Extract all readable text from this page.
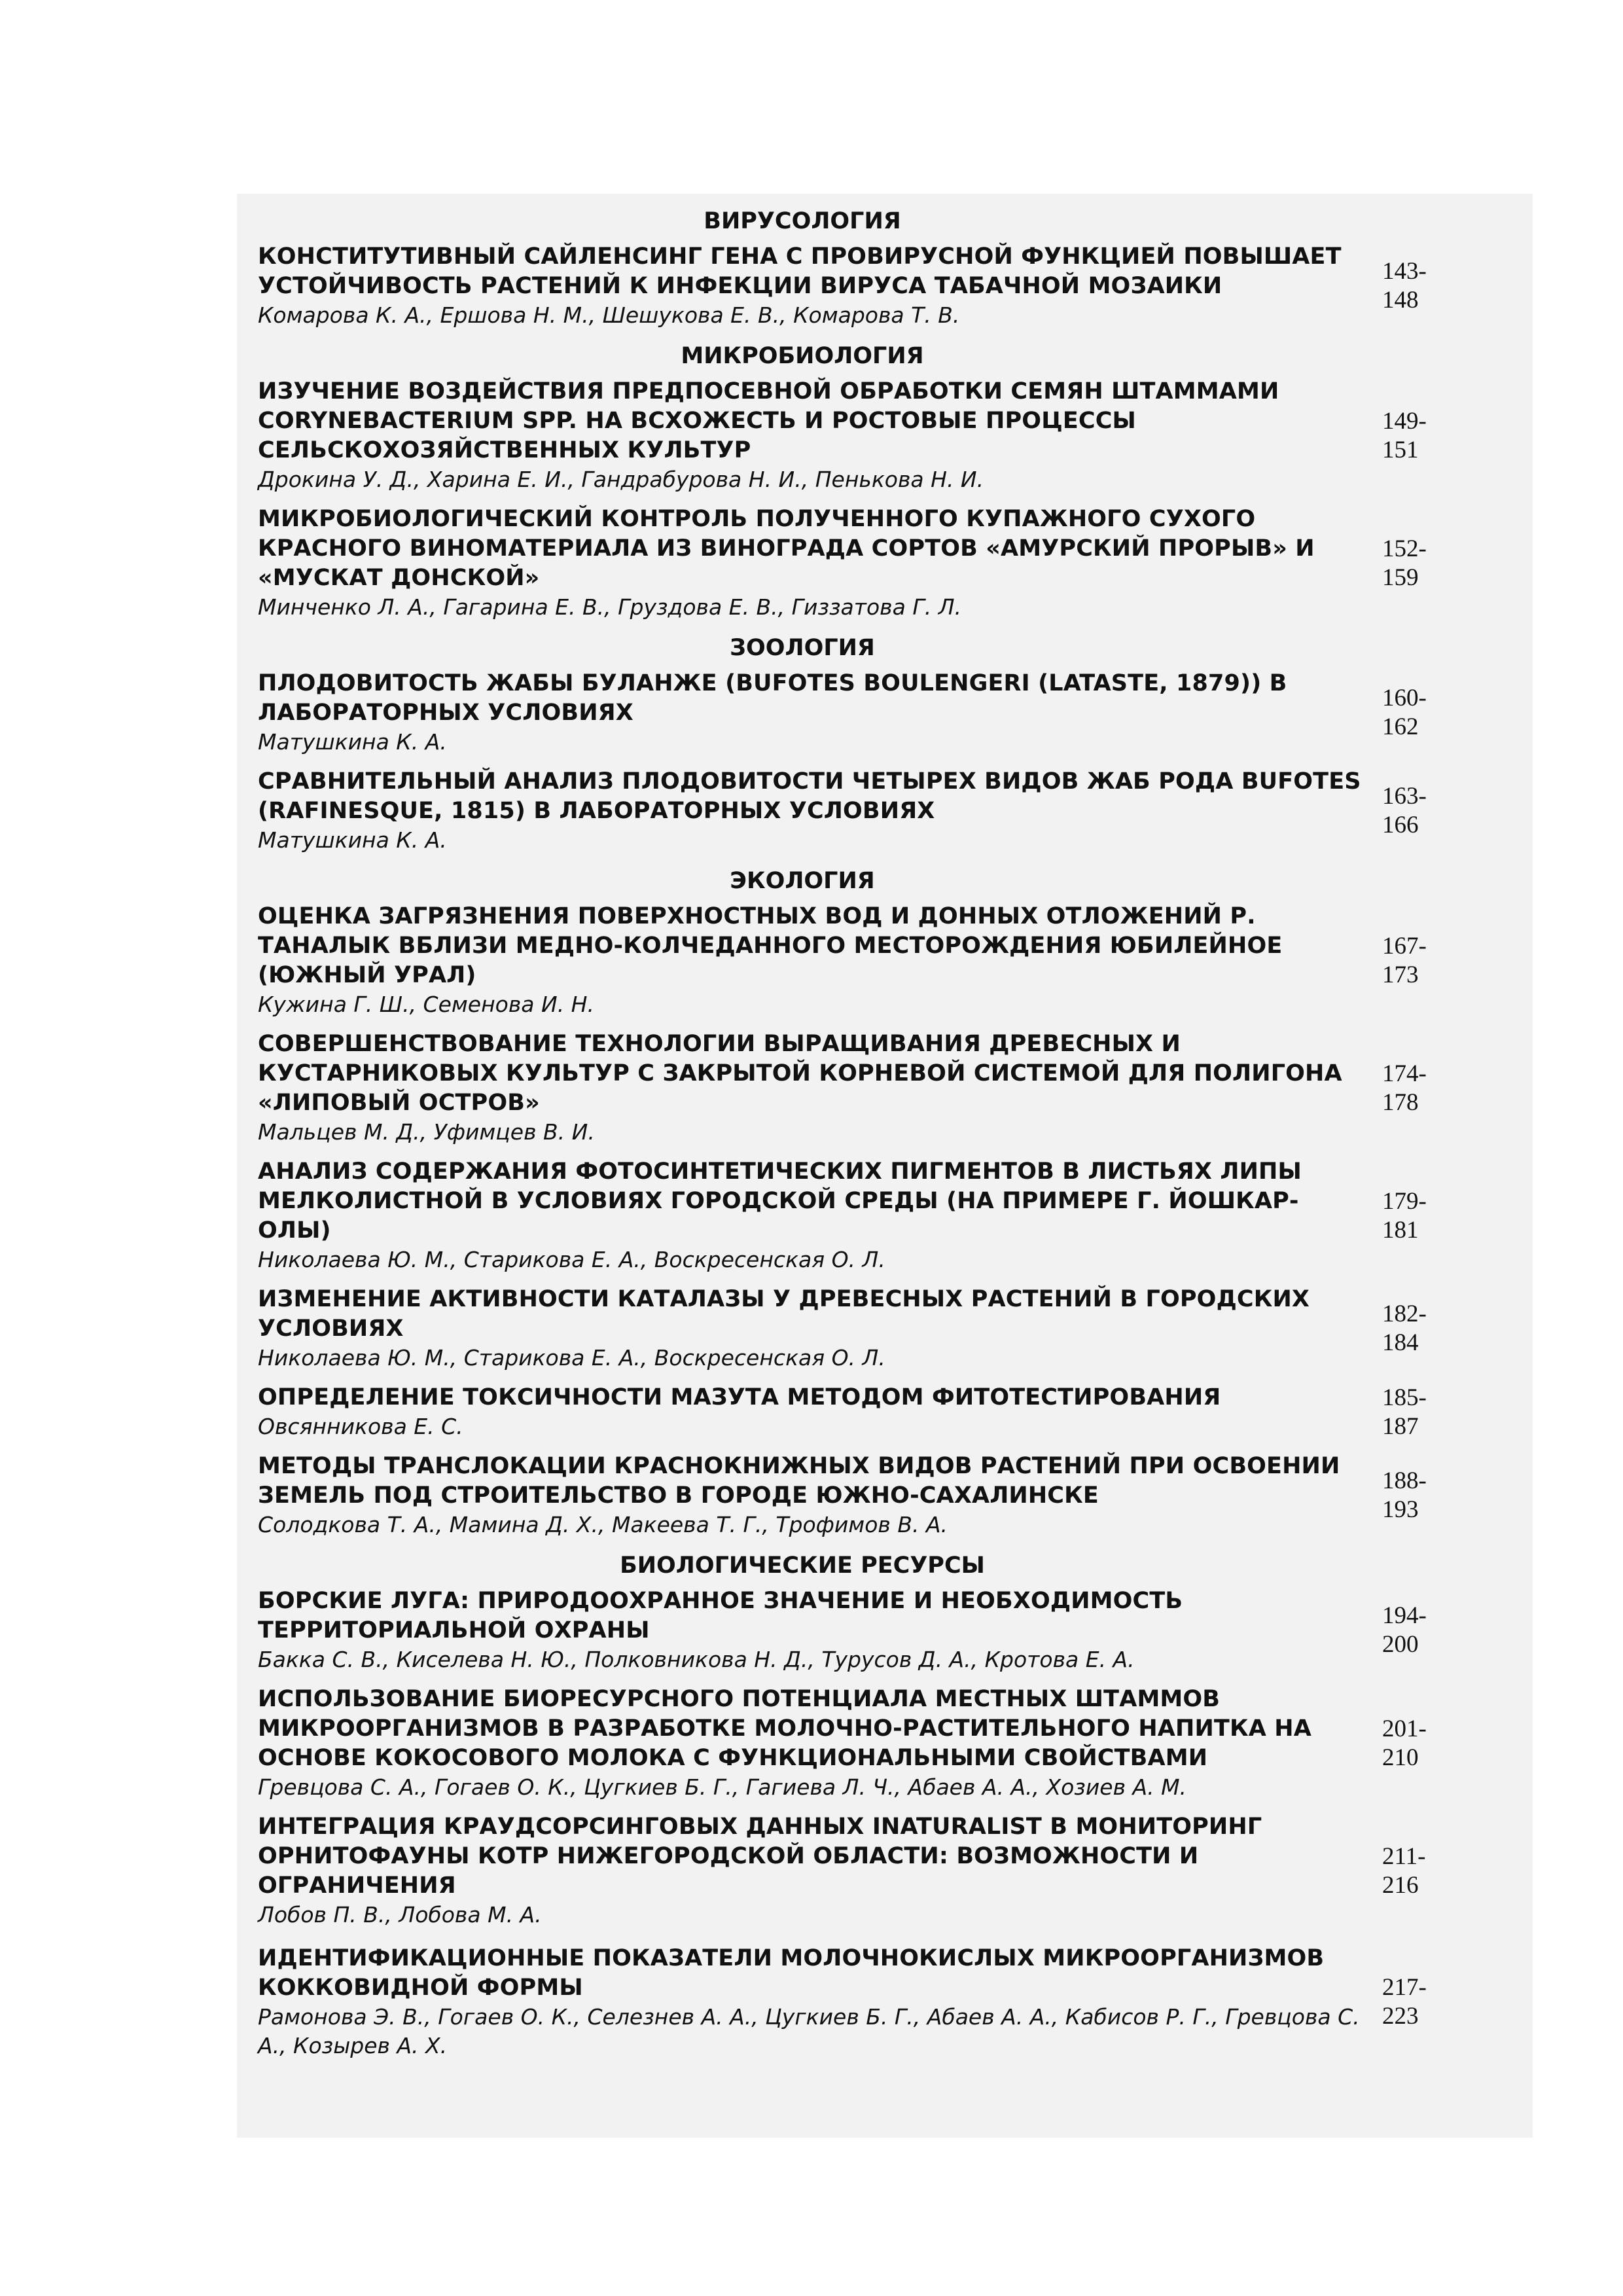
ВИРУСОЛОГИЯ
КОНСТИТУТИВНЫЙ САЙЛЕНСИНГ ГЕНА С ПРОВИРУСНОЙ ФУНКЦИЕЙ ПОВЫШАЕТ УСТОЙЧИВОСТЬ РАСТЕНИЙ К ИНФЕКЦИИ ВИРУСА ТАБАЧНОЙ МОЗАИКИ
Комарова К. А., Ершова Н. М., Шешукова Е. В., Комарова Т. В.
143-148
МИКРОБИОЛОГИЯ
ИЗУЧЕНИЕ ВОЗДЕЙСТВИЯ ПРЕДПОСЕВНОЙ ОБРАБОТКИ СЕМЯН ШТАММАМИ CORYNEBACTERIUM SPP. НА ВСХОЖЕСТЬ И РОСТОВЫЕ ПРОЦЕССЫ СЕЛЬСКОХОЗЯЙСТВЕННЫХ КУЛЬТУР
Дрокина У. Д., Харина Е. И., Гандрабурова Н. И., Пенькова Н. И.
149-151
МИКРОБИОЛОГИЧЕСКИЙ КОНТРОЛЬ ПОЛУЧЕННОГО КУПАЖНОГО СУХОГО КРАСНОГО ВИНОМАТЕРИАЛА ИЗ ВИНОГРАДА СОРТОВ «АМУРСКИЙ ПРОРЫВ» И «МУСКАТ ДОНСКОЙ»
Минченко Л. А., Гагарина Е. В., Груздова Е. В., Гиззатова Г. Л.
152-159
ЗООЛОГИЯ
ПЛОДОВИТОСТЬ ЖАБЫ БУЛАНЖЕ (BUFOTES BOULENGERI (LATASTE, 1879)) В ЛАБОРАТОРНЫХ УСЛОВИЯХ
Матушкина К. А.
160-162
СРАВНИТЕЛЬНЫЙ АНАЛИЗ ПЛОДОВИТОСТИ ЧЕТЫРЕХ ВИДОВ ЖАБ РОДА BUFOTES (RAFINESQUE, 1815) В ЛАБОРАТОРНЫХ УСЛОВИЯХ
Матушкина К. А.
163-166
ЭКОЛОГИЯ
ОЦЕНКА ЗАГРЯЗНЕНИЯ ПОВЕРХНОСТНЫХ ВОД И ДОННЫХ ОТЛОЖЕНИЙ Р. ТАНАЛЫК ВБЛИЗИ МЕДНО-КОЛЧЕДАННОГО МЕСТОРОЖДЕНИЯ ЮБИЛЕЙНОЕ (ЮЖНЫЙ УРАЛ)
Кужина Г. Ш., Семенова И. Н.
167-173
СОВЕРШЕНСТВОВАНИЕ ТЕХНОЛОГИИ ВЫРАЩИВАНИЯ ДРЕВЕСНЫХ И КУСТАРНИКОВЫХ КУЛЬТУР С ЗАКРЫТОЙ КОРНЕВОЙ СИСТЕМОЙ ДЛЯ ПОЛИГОНА «ЛИПОВЫЙ ОСТРОВ»
Мальцев М. Д., Уфимцев В. И.
174-178
АНАЛИЗ СОДЕРЖАНИЯ ФОТОСИНТЕТИЧЕСКИХ ПИГМЕНТОВ В ЛИСТЬЯХ ЛИПЫ МЕЛКОЛИСТНОЙ В УСЛОВИЯХ ГОРОДСКОЙ СРЕДЫ (НА ПРИМЕРЕ Г. ЙОШКАР-ОЛЫ)
Николаева Ю. М., Старикова Е. А., Воскресенская О. Л.
179-181
ИЗМЕНЕНИЕ АКТИВНОСТИ КАТАЛАЗЫ У ДРЕВЕСНЫХ РАСТЕНИЙ В ГОРОДСКИХ УСЛОВИЯХ
Николаева Ю. М., Старикова Е. А., Воскресенская О. Л.
182-184
ОПРЕДЕЛЕНИЕ ТОКСИЧНОСТИ МАЗУТА МЕТОДОМ ФИТОТЕСТИРОВАНИЯ
Овсянникова Е. С.
185-187
МЕТОДЫ ТРАНСЛОКАЦИИ КРАСНОКНИЖНЫХ ВИДОВ РАСТЕНИЙ ПРИ ОСВОЕНИИ ЗЕМЕЛЬ ПОД СТРОИТЕЛЬСТВО В ГОРОДЕ ЮЖНО-САХАЛИНСКЕ
Солодкова Т. А., Мамина Д. Х., Макеева Т. Г., Трофимов В. А.
188-193
БИОЛОГИЧЕСКИЕ РЕСУРСЫ
БОРСКИЕ ЛУГА: ПРИРОДООХРАННОЕ ЗНАЧЕНИЕ И НЕОБХОДИМОСТЬ ТЕРРИТОРИАЛЬНОЙ ОХРАНЫ
Бакка С. В., Киселева Н. Ю., Полковникова Н. Д., Турусов Д. А., Кротова Е. А.
194-200
ИСПОЛЬЗОВАНИЕ БИОРЕСУРСНОГО ПОТЕНЦИАЛА МЕСТНЫХ ШТАММОВ МИКРООРГАНИЗМОВ В РАЗРАБОТКЕ МОЛОЧНО-РАСТИТЕЛЬНОГО НАПИТКА НА ОСНОВЕ КОКОСОВОГО МОЛОКА С ФУНКЦИОНАЛЬНЫМИ СВОЙСТВАМИ
Гревцова С. А., Гогаев О. К., Цугкиев Б. Г., Гагиева Л. Ч., Абаев А. А., Хозиев А. М.
201-210
ИНТЕГРАЦИЯ КРАУДСОРСИНГОВЫХ ДАННЫХ INATURALIST В МОНИТОРИНГ ОРНИТОФАУНЫ КОТР НИЖЕГОРОДСКОЙ ОБЛАСТИ: ВОЗМОЖНОСТИ И ОГРАНИЧЕНИЯ
Лобов П. В., Лобова М. А.
211-216
ИДЕНТИФИКАЦИОННЫЕ ПОКАЗАТЕЛИ МОЛОЧНОКИСЛЫХ МИКРООРГАНИЗМОВ КОККОВИДНОЙ ФОРМЫ
Рамонова Э. В., Гогаев О. К., Селезнев А. А., Цугкиев Б. Г., Абаев А. А., Кабисов Р. Г., Гревцова С. А., Козырев А. Х.
217-223
